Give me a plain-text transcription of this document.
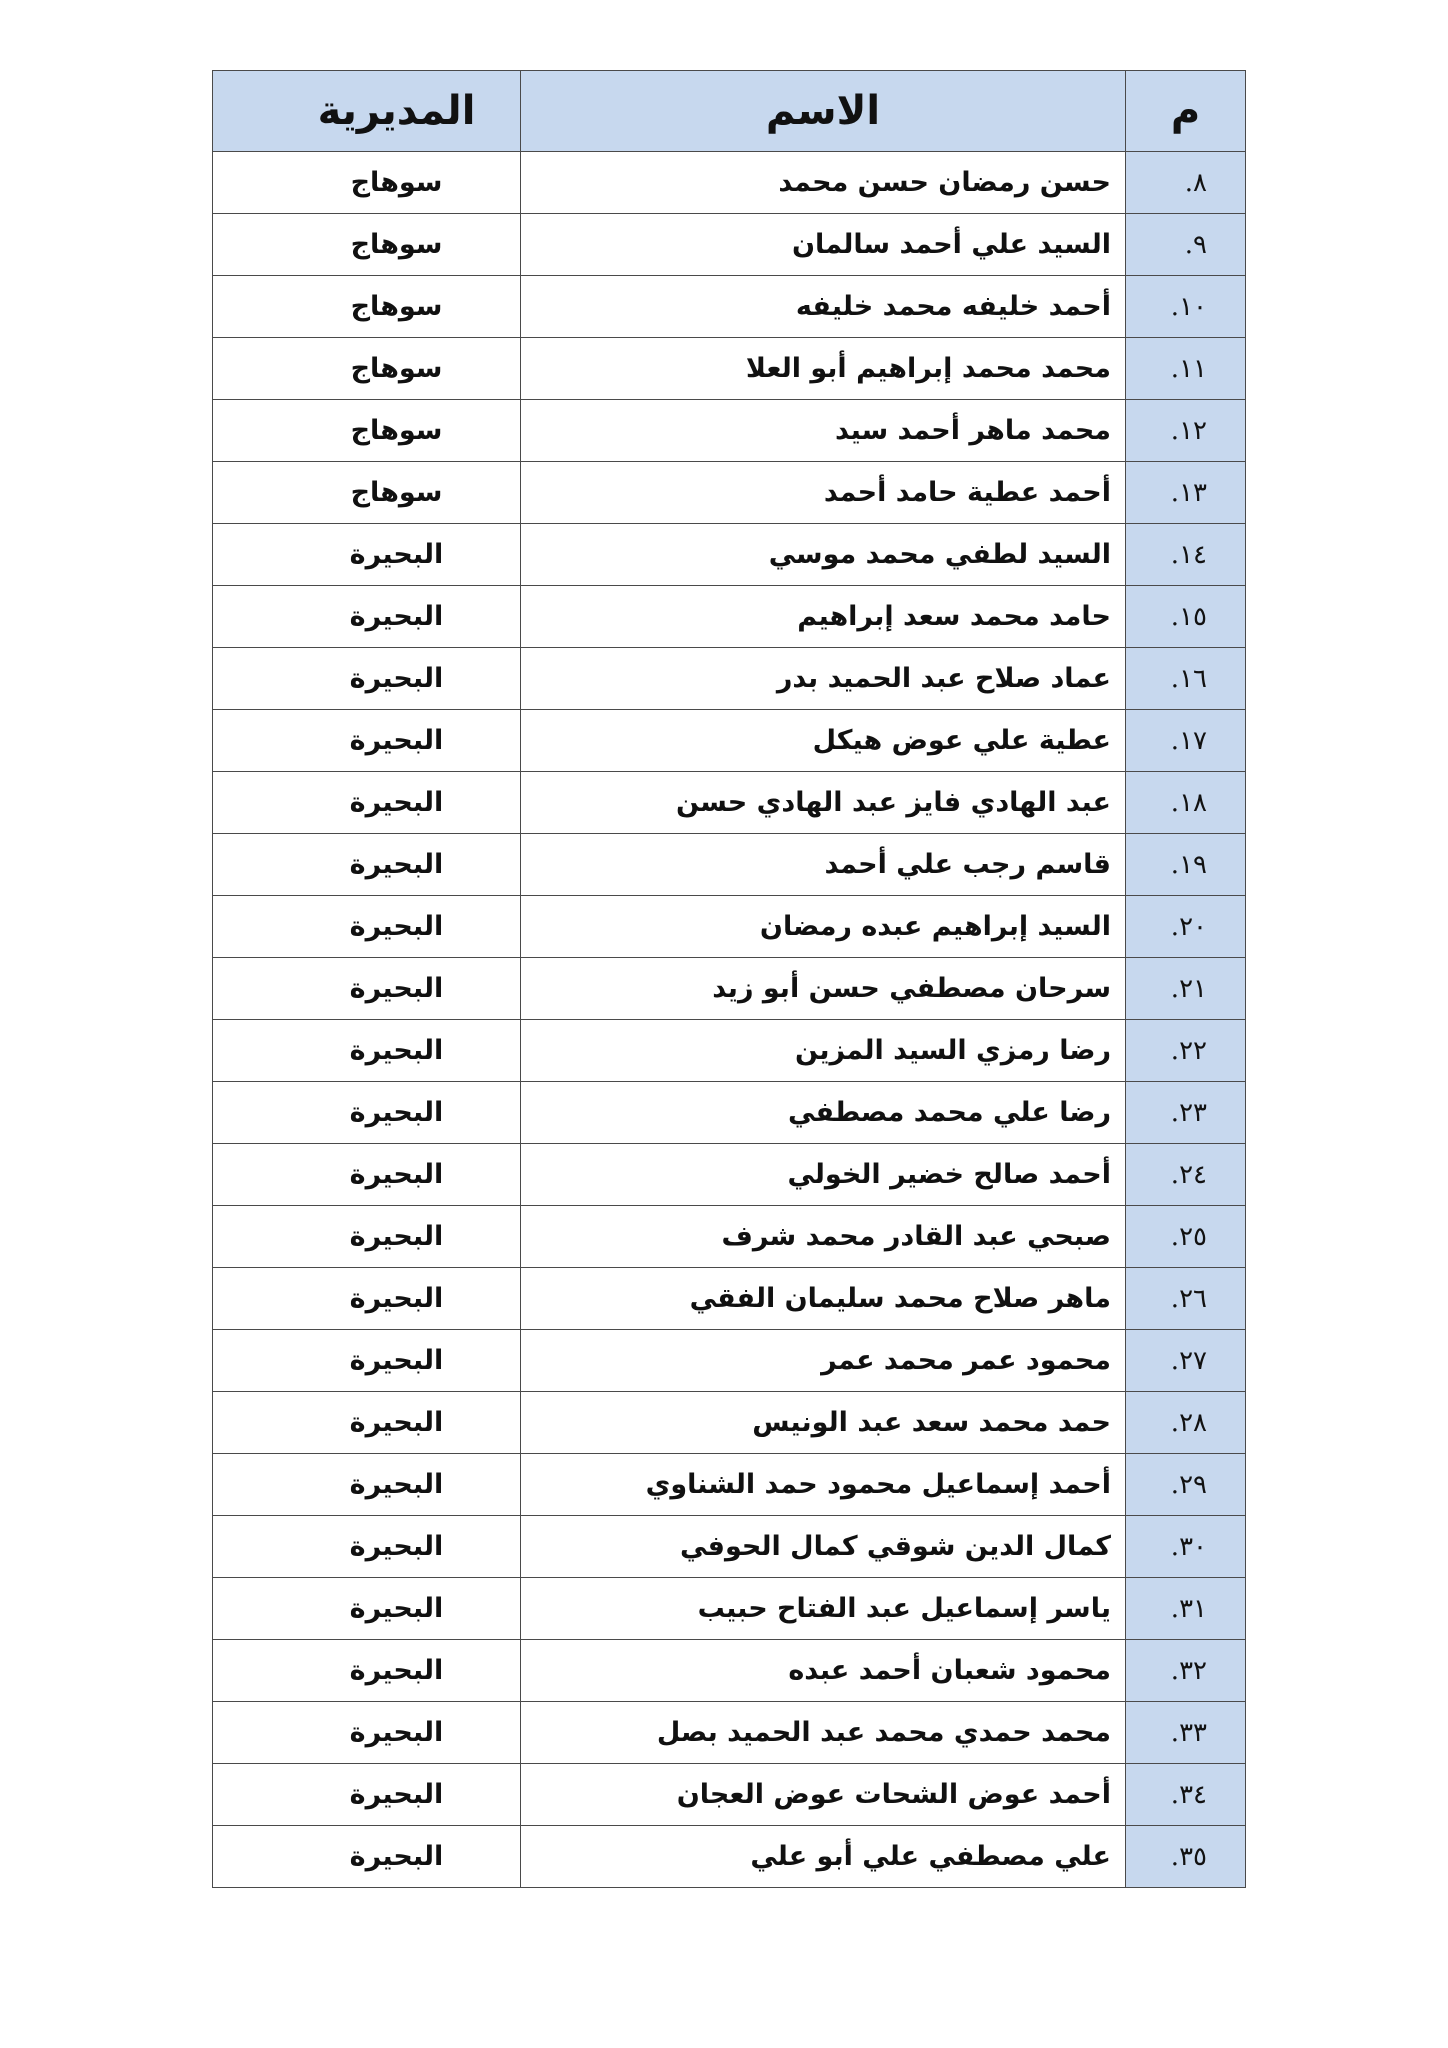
م	الاسم	المديرية
٨.	حسن رمضان حسن محمد	سوهاج
٩.	السيد علي أحمد سالمان	سوهاج
١٠.	أحمد خليفه محمد خليفه	سوهاج
١١.	محمد محمد إبراهيم أبو العلا	سوهاج
١٢.	محمد ماهر أحمد سيد	سوهاج
١٣.	أحمد عطية حامد أحمد	سوهاج
١٤.	السيد لطفي محمد موسي	البحيرة
١٥.	حامد محمد سعد إبراهيم	البحيرة
١٦.	عماد صلاح عبد الحميد بدر	البحيرة
١٧.	عطية علي عوض هيكل	البحيرة
١٨.	عبد الهادي فايز عبد الهادي حسن	البحيرة
١٩.	قاسم رجب علي أحمد	البحيرة
٢٠.	السيد إبراهيم عبده رمضان	البحيرة
٢١.	سرحان مصطفي حسن أبو زيد	البحيرة
٢٢.	رضا رمزي السيد المزين	البحيرة
٢٣.	رضا علي محمد مصطفي	البحيرة
٢٤.	أحمد صالح خضير الخولي	البحيرة
٢٥.	صبحي عبد القادر محمد شرف	البحيرة
٢٦.	ماهر صلاح محمد سليمان الفقي	البحيرة
٢٧.	محمود عمر محمد عمر	البحيرة
٢٨.	حمد محمد سعد عبد الونيس	البحيرة
٢٩.	أحمد إسماعيل محمود حمد الشناوي	البحيرة
٣٠.	كمال الدين شوقي كمال الحوفي	البحيرة
٣١.	ياسر إسماعيل عبد الفتاح حبيب	البحيرة
٣٢.	محمود شعبان أحمد عبده	البحيرة
٣٣.	محمد حمدي محمد عبد الحميد بصل	البحيرة
٣٤.	أحمد عوض الشحات عوض العجان	البحيرة
٣٥.	علي مصطفي علي أبو علي	البحيرة
